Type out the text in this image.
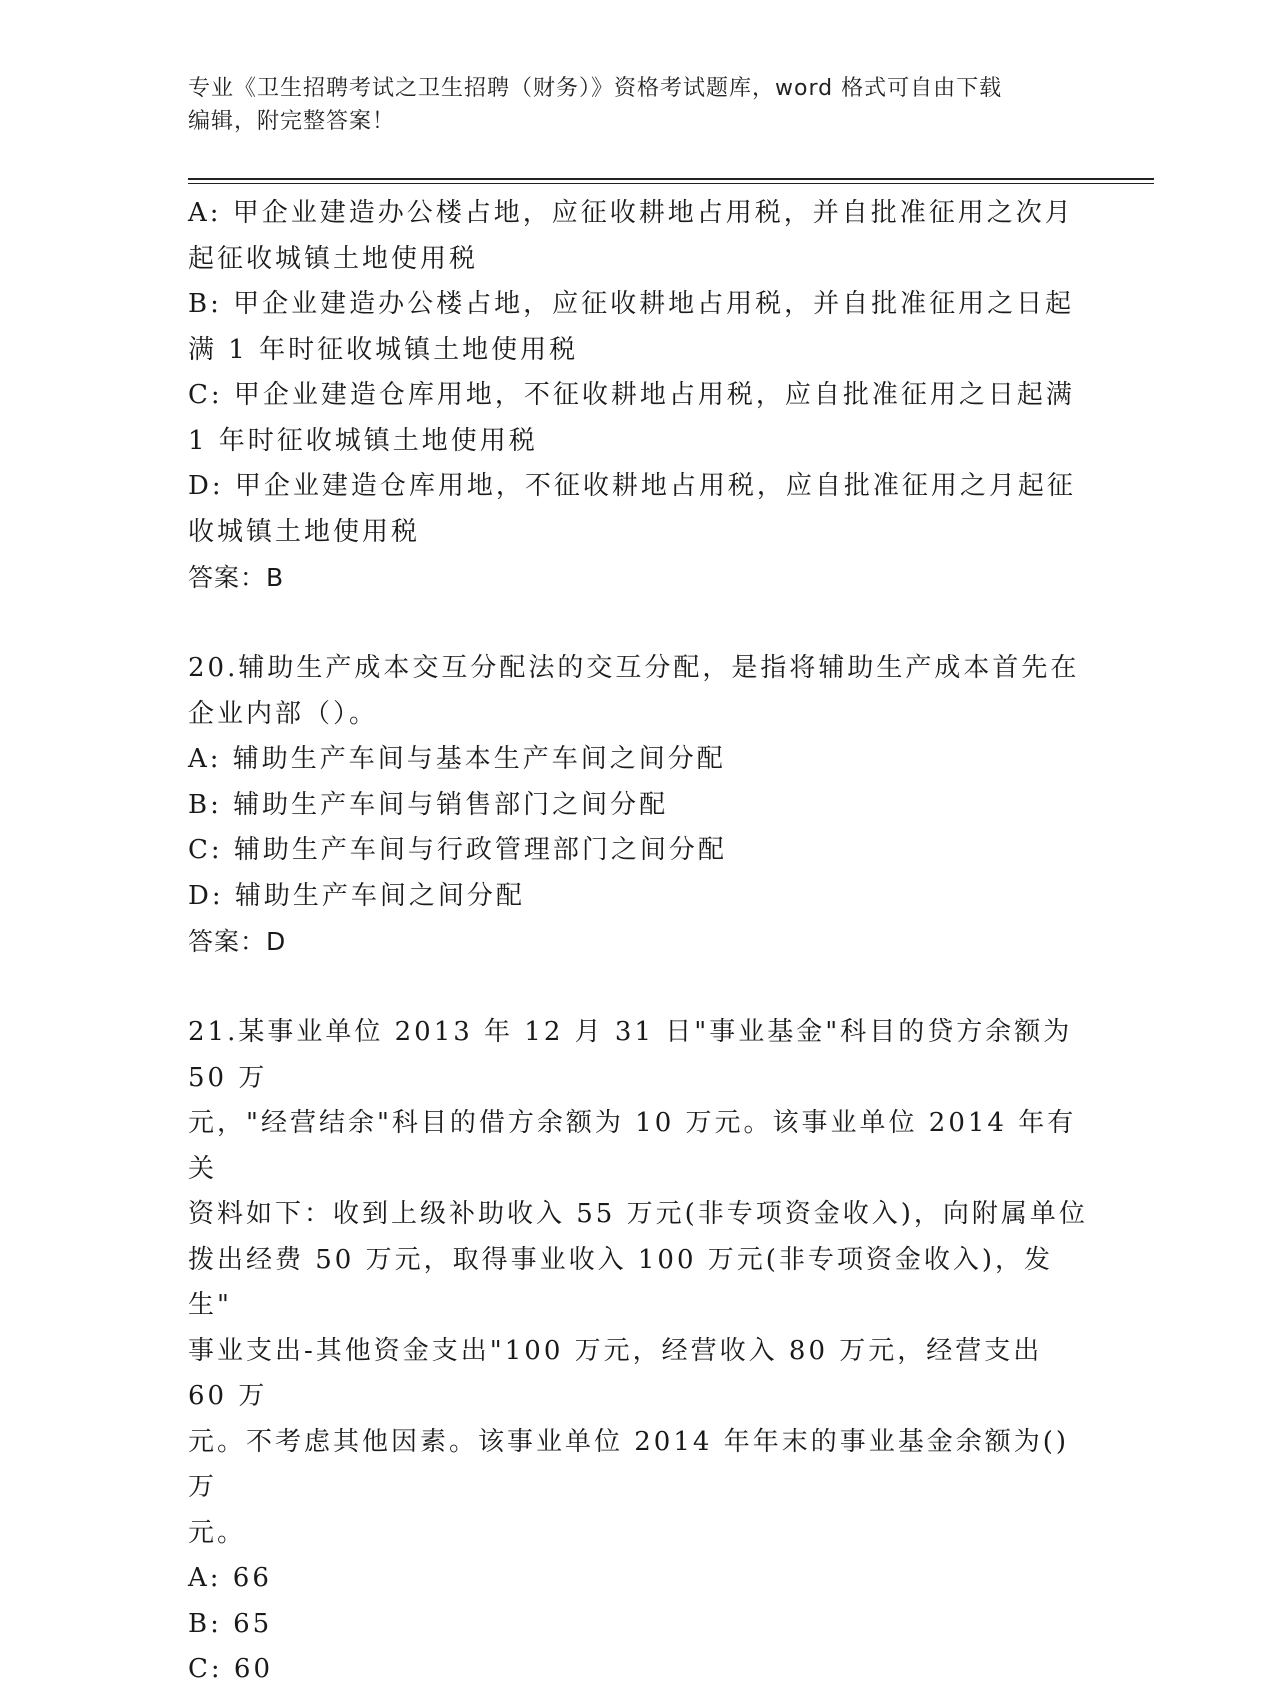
专业《卫生招聘考试之卫生招聘（财务）》资格考试题库，word 格式可自由下载
编辑，附完整答案！

A: 甲企业建造办公楼占地，应征收耕地占用税，并自批准征用之次月

起征收城镇土地使用税

B: 甲企业建造办公楼占地，应征收耕地占用税，并自批准征用之日起

满 1 年时征收城镇土地使用税

C: 甲企业建造仓库用地，不征收耕地占用税，应自批准征用之日起满

1 年时征收城镇土地使用税

D: 甲企业建造仓库用地，不征收耕地占用税，应自批准征用之月起征

收城镇土地使用税

答案：B

20.辅助生产成本交互分配法的交互分配，是指将辅助生产成本首先在

企业内部（）。

A: 辅助生产车间与基本生产车间之间分配

B: 辅助生产车间与销售部门之间分配

C: 辅助生产车间与行政管理部门之间分配

D: 辅助生产车间之间分配

答案：D

21.某事业单位 2013 年 12 月 31 日"事业基金"科目的贷方余额为 50 万

元，"经营结余"科目的借方余额为 10 万元。该事业单位 2014 年有关

资料如下：收到上级补助收入 55 万元(非专项资金收入)，向附属单位

拨出经费 50 万元，取得事业收入 100 万元(非专项资金收入)，发生"

事业支出-其他资金支出"100 万元，经营收入 80 万元，经营支出 60 万

元。不考虑其他因素。该事业单位 2014 年年末的事业基金余额为()万

元。

A: 66

B: 65

C: 60
